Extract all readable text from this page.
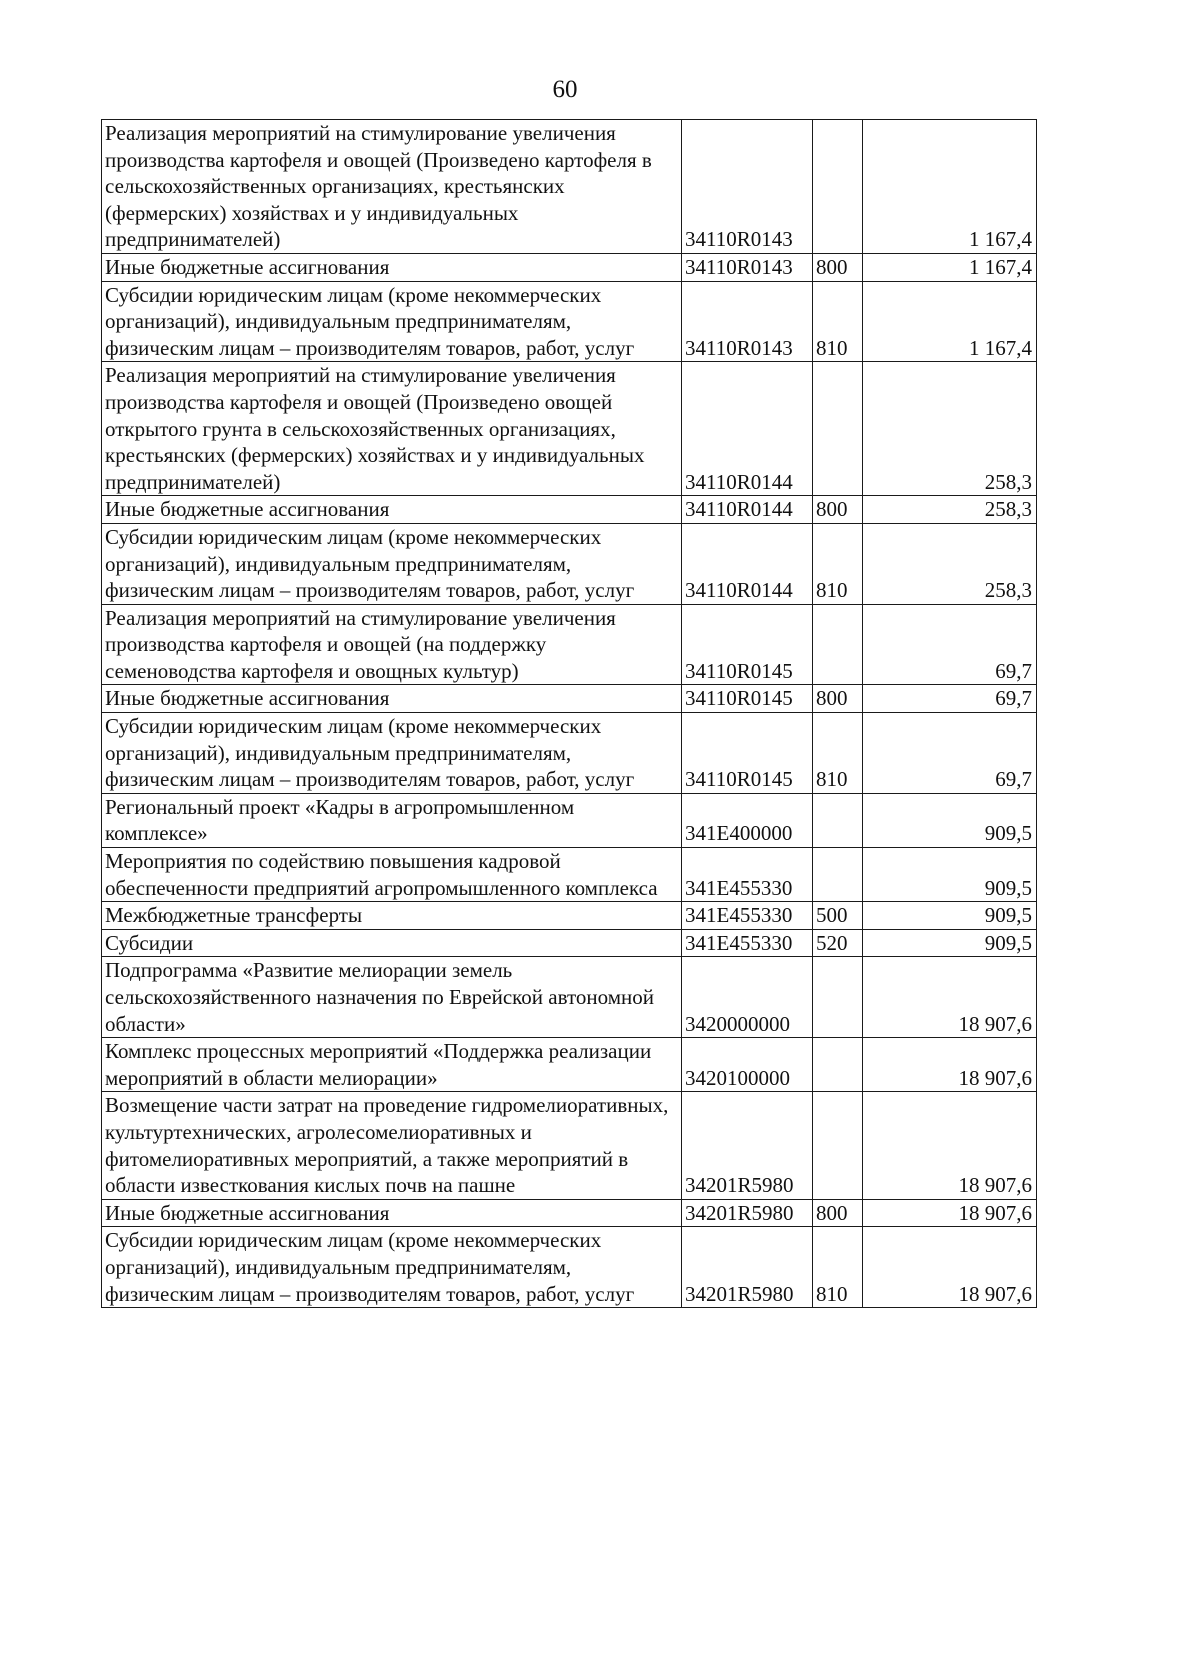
60
Реализация мероприятий на стимулирование увеличения производства картофеля и овощей (Произведено картофеля в сельскохозяйственных организациях, крестьянских (фермерских) хозяйствах и у индивидуальных предпринимателей)	34110R0143		1 167,4
Иные бюджетные ассигнования	34110R0143	800	1 167,4
Субсидии юридическим лицам (кроме некоммерческих организаций), индивидуальным предпринимателям, физическим лицам – производителям товаров, работ, услуг	34110R0143	810	1 167,4
Реализация мероприятий на стимулирование увеличения производства картофеля и овощей (Произведено овощей открытого грунта в сельскохозяйственных организациях, крестьянских (фермерских) хозяйствах и у индивидуальных предпринимателей)	34110R0144		258,3
Иные бюджетные ассигнования	34110R0144	800	258,3
Субсидии юридическим лицам (кроме некоммерческих организаций), индивидуальным предпринимателям, физическим лицам – производителям товаров, работ, услуг	34110R0144	810	258,3
Реализация мероприятий на стимулирование увеличения производства картофеля и овощей (на поддержку семеноводства картофеля и овощных культур)	34110R0145		69,7
Иные бюджетные ассигнования	34110R0145	800	69,7
Субсидии юридическим лицам (кроме некоммерческих организаций), индивидуальным предпринимателям, физическим лицам – производителям товаров, работ, услуг	34110R0145	810	69,7
Региональный проект «Кадры в агропромышленном комплексе»	341E400000		909,5
Мероприятия по содействию повышения кадровой обеспеченности предприятий агропромышленного комплекса	341E455330		909,5
Межбюджетные трансферты	341E455330	500	909,5
Субсидии	341E455330	520	909,5
Подпрограмма «Развитие мелиорации земель сельскохозяйственного назначения по Еврейской автономной области»	3420000000		18 907,6
Комплекс процессных мероприятий «Поддержка реализации мероприятий в области мелиорации»	3420100000		18 907,6
Возмещение части затрат на проведение гидромелиоративных, культуртехнических, агролесомелиоративных и фитомелиоративных мероприятий, а также мероприятий в области известкования кислых почв на пашне	34201R5980		18 907,6
Иные бюджетные ассигнования	34201R5980	800	18 907,6
Субсидии юридическим лицам (кроме некоммерческих организаций), индивидуальным предпринимателям, физическим лицам – производителям товаров, работ, услуг	34201R5980	810	18 907,6
